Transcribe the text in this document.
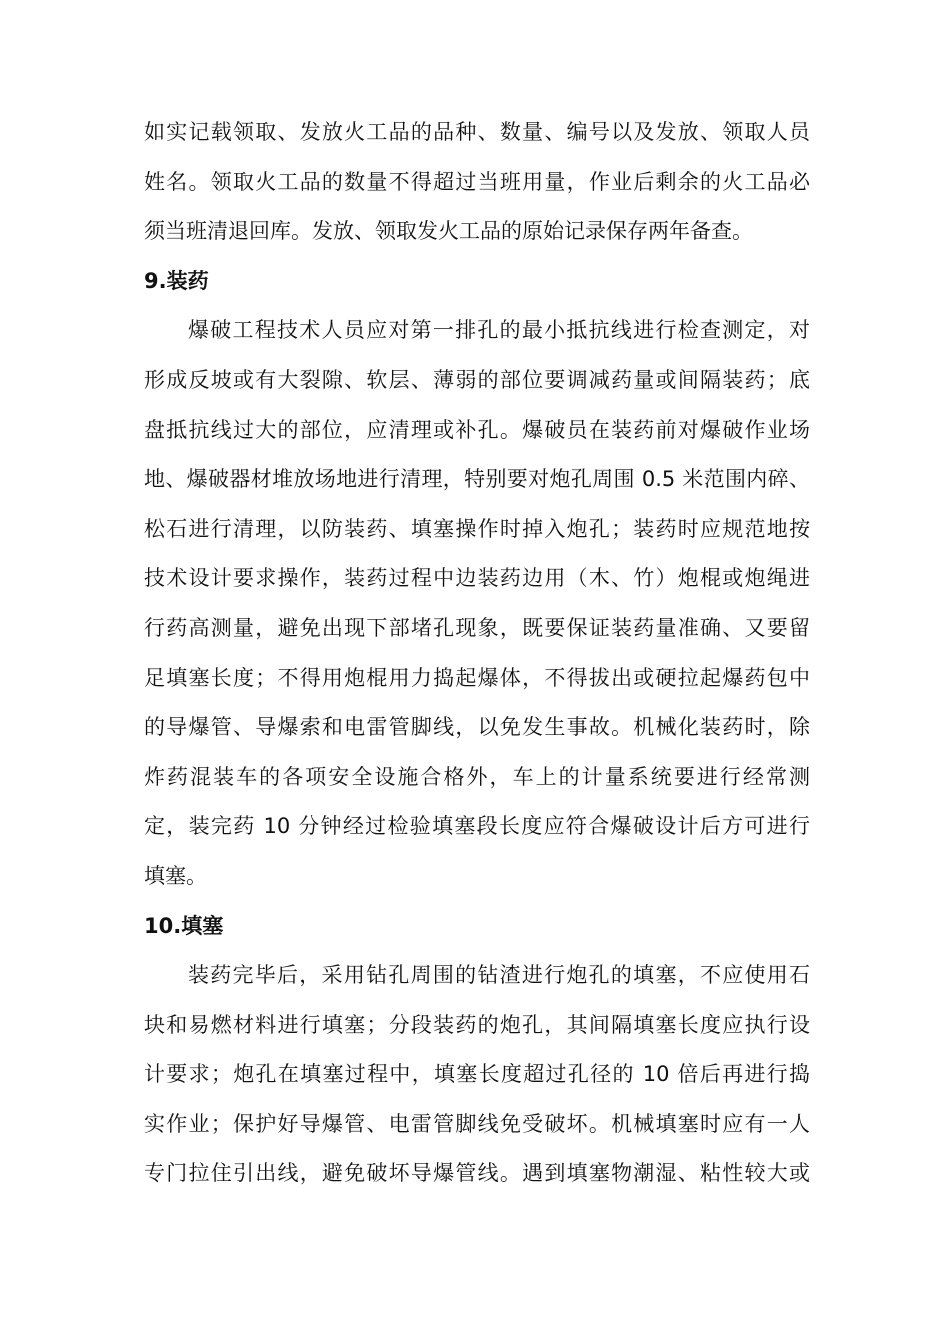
如实记载领取、发放火工品的品种、数量、编号以及发放、领取人员
姓名。领取火工品的数量不得超过当班用量，作业后剩余的火工品必
须当班清退回库。发放、领取发火工品的原始记录保存两年备查。
9.装药
爆破工程技术人员应对第一排孔的最小抵抗线进行检查测定，对
形成反坡或有大裂隙、软层、薄弱的部位要调减药量或间隔装药；底
盘抵抗线过大的部位，应清理或补孔。爆破员在装药前对爆破作业场
地、爆破器材堆放场地进行清理，特别要对炮孔周围 0.5 米范围内碎、
松石进行清理，以防装药、填塞操作时掉入炮孔；装药时应规范地按
技术设计要求操作，装药过程中边装药边用（木、竹）炮棍或炮绳进
行药高测量，避免出现下部堵孔现象，既要保证装药量准确、又要留
足填塞长度；不得用炮棍用力捣起爆体，不得拔出或硬拉起爆药包中
的导爆管、导爆索和电雷管脚线，以免发生事故。机械化装药时，除
炸药混装车的各项安全设施合格外，车上的计量系统要进行经常测
定，装完药 10 分钟经过检验填塞段长度应符合爆破设计后方可进行
填塞。
10.填塞
装药完毕后，采用钻孔周围的钻渣进行炮孔的填塞，不应使用石
块和易燃材料进行填塞；分段装药的炮孔，其间隔填塞长度应执行设
计要求；炮孔在填塞过程中，填塞长度超过孔径的 10 倍后再进行捣
实作业；保护好导爆管、电雷管脚线免受破坏。机械填塞时应有一人
专门拉住引出线，避免破坏导爆管线。遇到填塞物潮湿、粘性较大或
